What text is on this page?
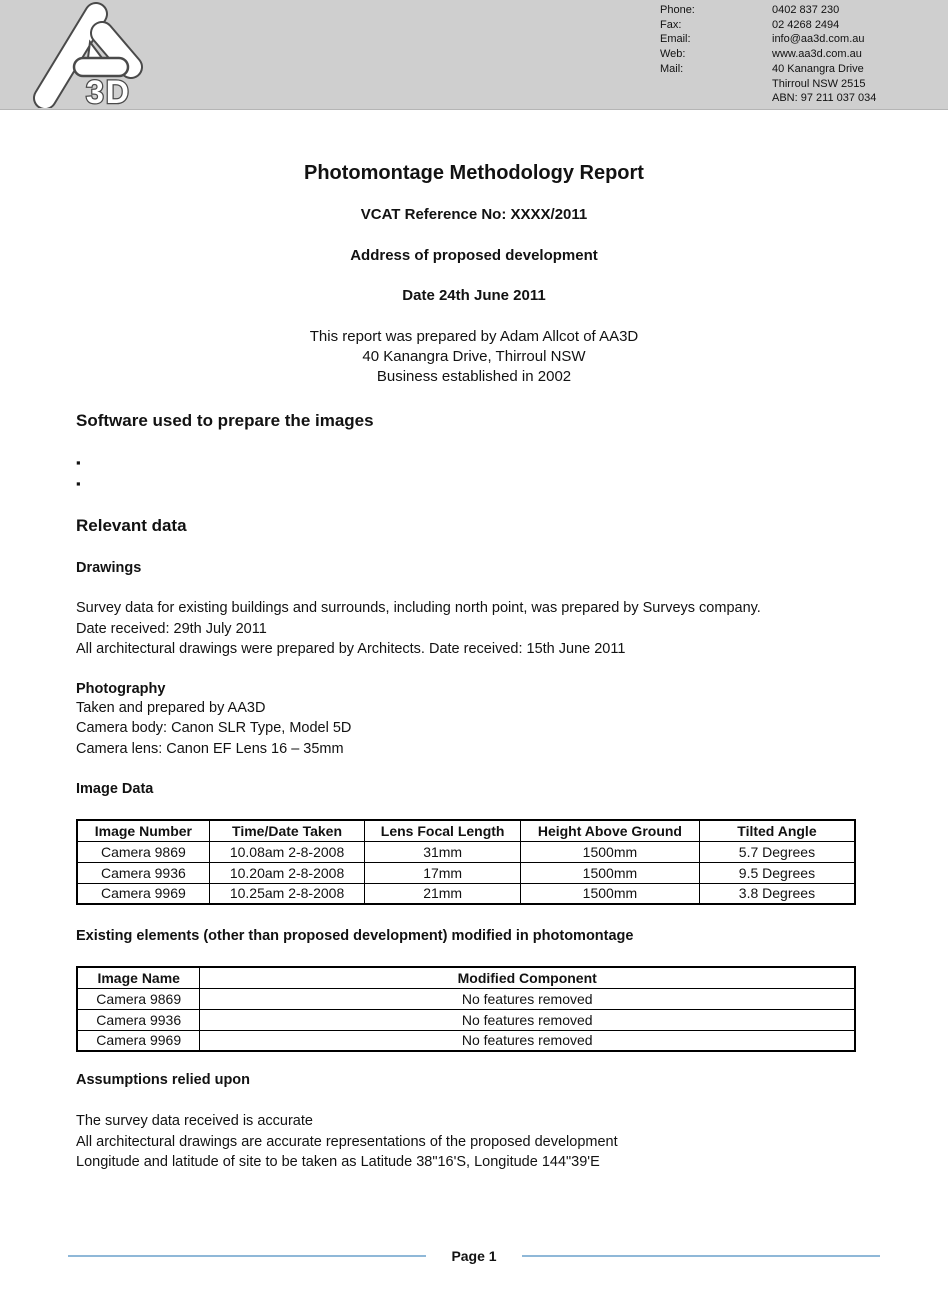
3D
Phone:	0402 837 230
Fax:	02 4268 2494
Email:	info@aa3d.com.au
Web:	www.aa3d.com.au
Mail:	40 Kanangra Drive
Thirroul NSW 2515
ABN: 97 211 037 034
Photomontage Methodology Report

VCAT Reference No: XXXX/2011

Address of proposed development

Date 24th June 2011

This report was prepared by Adam Allcot of AA3D
40 Kanangra Drive, Thirroul NSW
Business established in 2002
Software used to prepare the images
▪
▪
Relevant data
Drawings
Survey data for existing buildings and surrounds, including north point, was prepared by Surveys company.
Date received: 29th July 2011
All architectural drawings were prepared by Architects. Date received: 15th June 2011
Photography
Taken and prepared by AA3D
Camera body: Canon SLR Type, Model 5D
Camera lens: Canon EF Lens 16 – 35mm
Image Data
Image Number	Time/Date Taken	Lens Focal Length	Height Above Ground	Tilted Angle
Camera 9869	10.08am 2-8-2008	31mm	1500mm	5.7 Degrees
Camera 9936	10.20am 2-8-2008	17mm	1500mm	9.5 Degrees
Camera 9969	10.25am 2-8-2008	21mm	1500mm	3.8 Degrees
Existing elements (other than proposed development) modified in photomontage
Image Name	Modified Component
Camera 9869	No features removed
Camera 9936	No features removed
Camera 9969	No features removed
Assumptions relied upon
The survey data received is accurate
All architectural drawings are accurate representations of the proposed development
Longitude and latitude of site to be taken as Latitude 38"16'S, Longitude 144"39'E
Page 1
